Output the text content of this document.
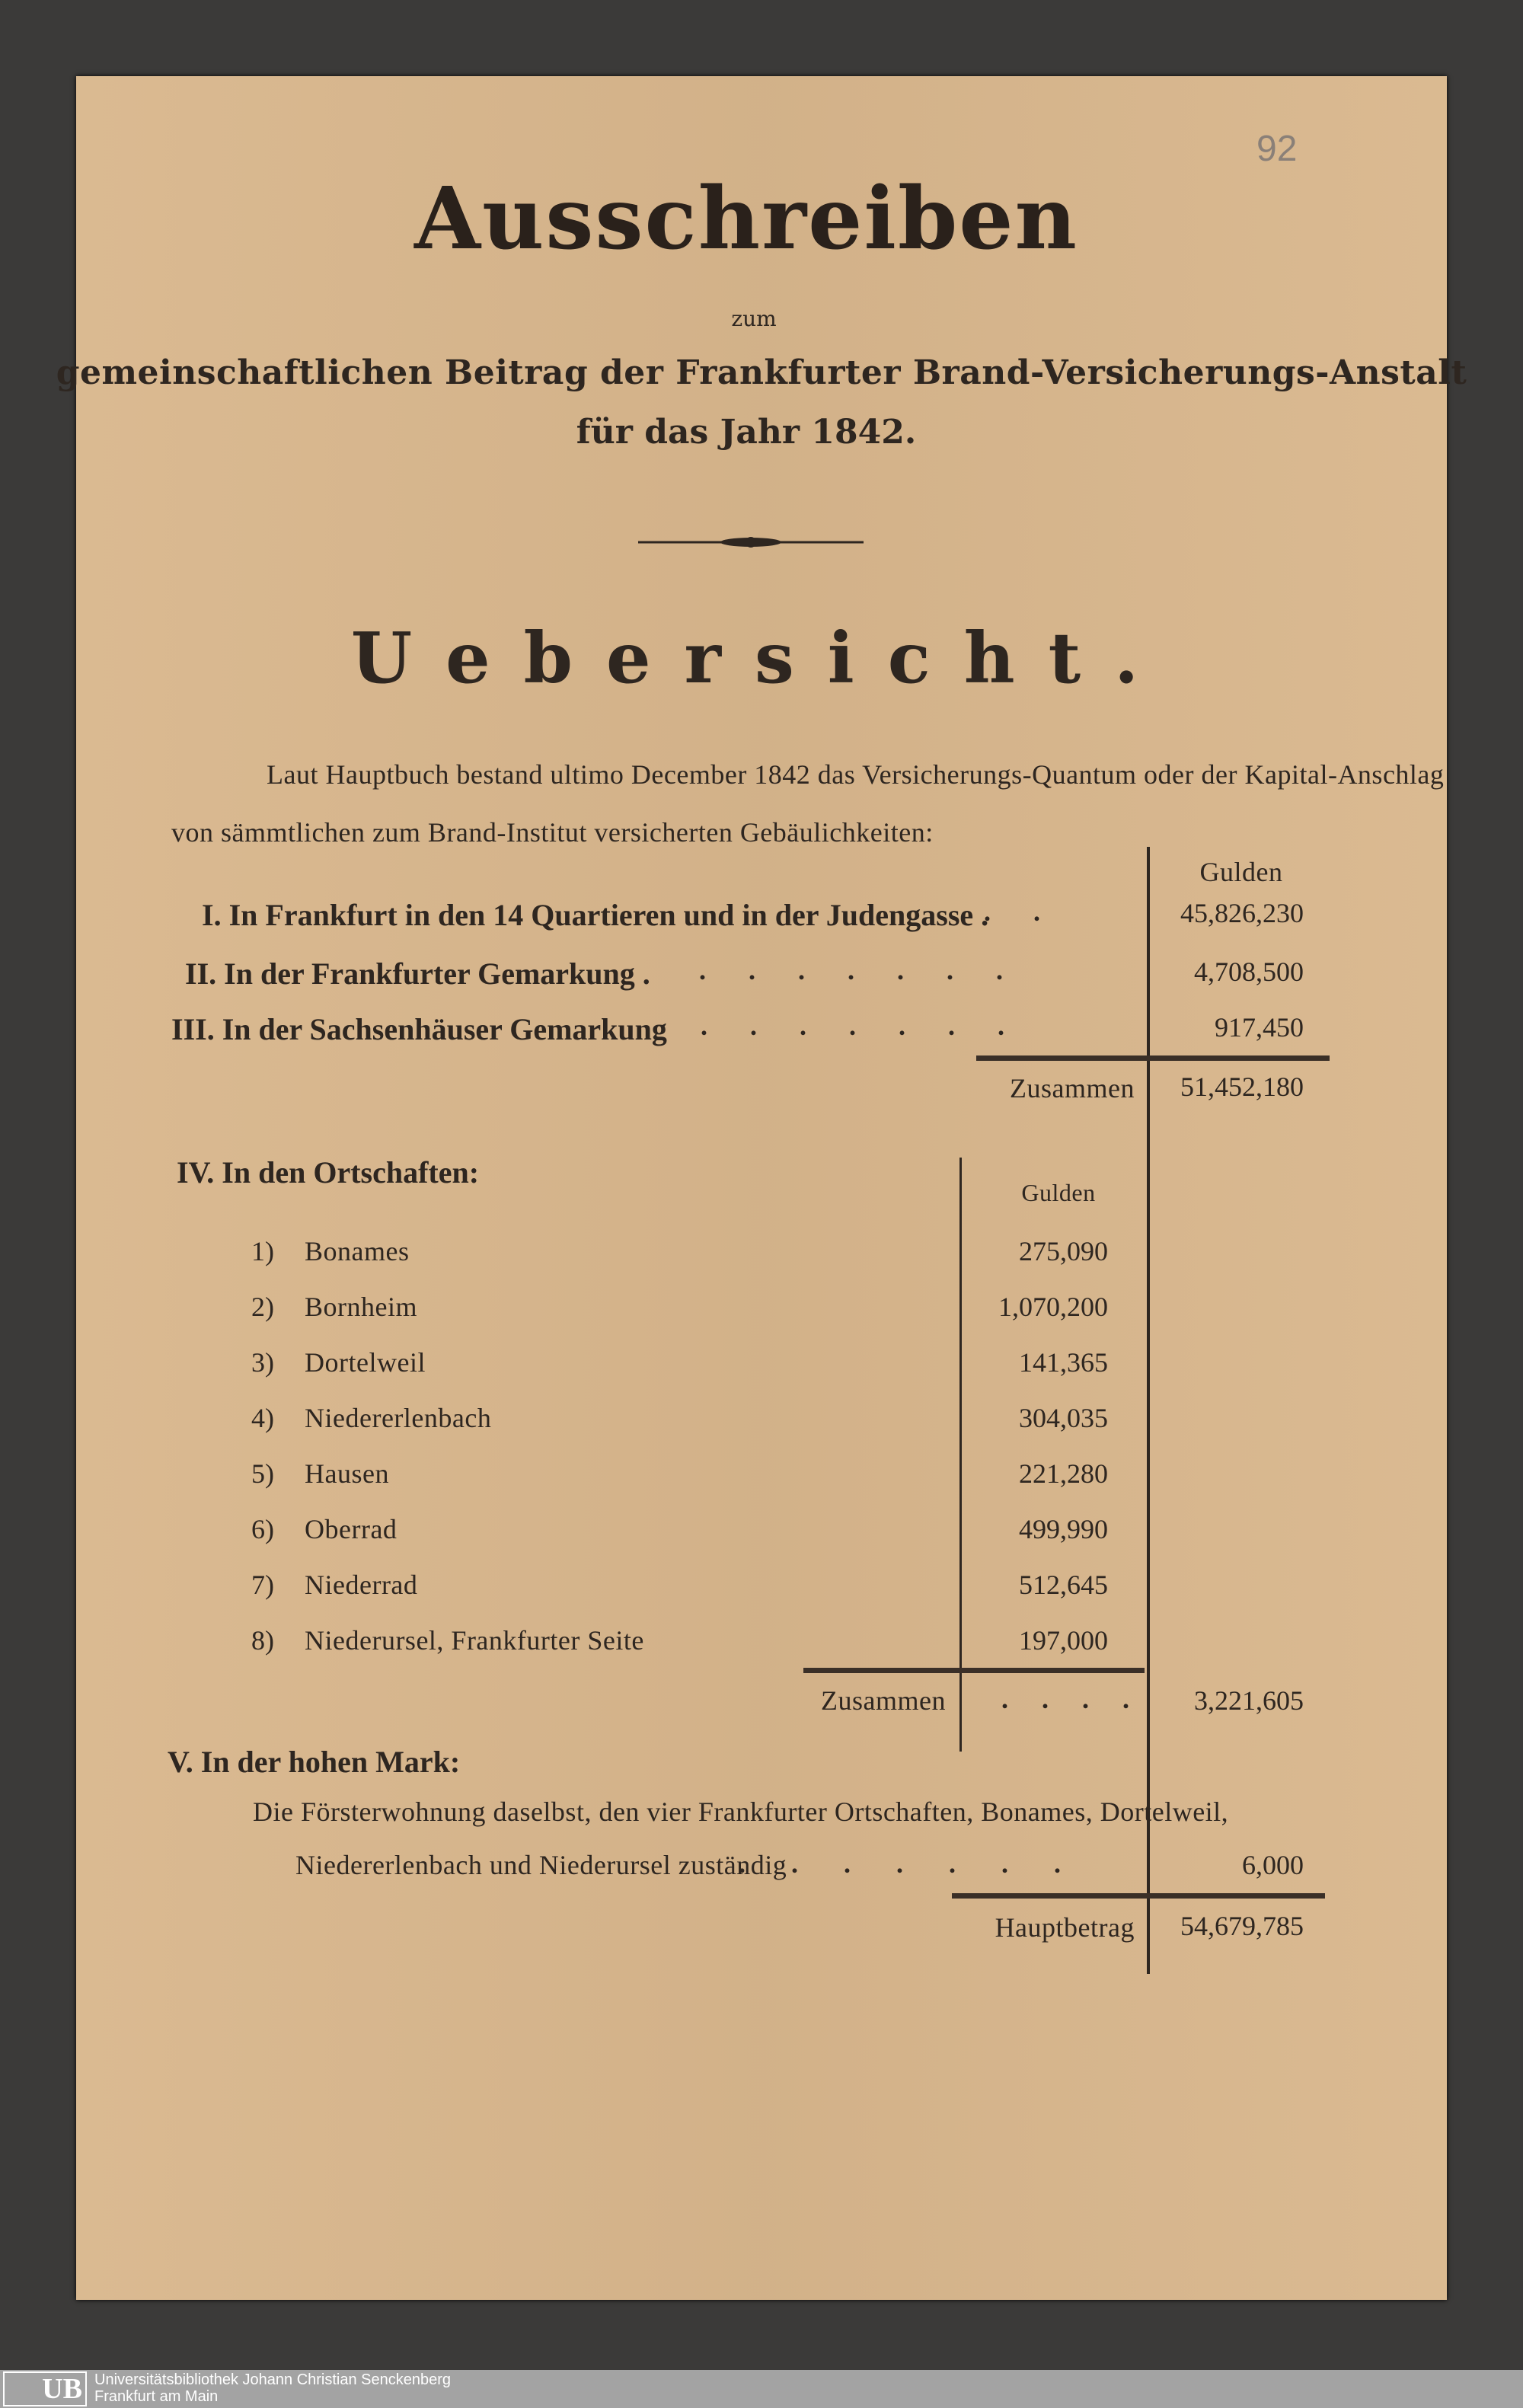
92
Ausschreiben
zum
gemeinschaftlichen Beitrag der Frankfurter Brand-Versicherungs-Anstalt
für das Jahr 1842.
Uebersicht.
Laut Hauptbuch bestand ultimo December 1842 das Versicherungs-Quantum oder der Kapital-Anschlag
von sämmtlichen zum Brand-Institut versicherten Gebäulichkeiten:
Gulden
I. In Frankfurt in den 14 Quartieren und in der Judengasse .
..	45,826,230
II. In der Frankfurter Gemarkung . .......	4,708,500
III. In der Sachsenhäuser Gemarkung .......	917,450
Zusammen 51,452,180
IV. In den Ortschaften:
Gulden
1) Bonames	275,090
2) Bornheim	1,070,200
3) Dortelweil	141,365
4) Niedererlenbach	304,035
5) Hausen	221,280
6) Oberrad	499,990
7) Niederrad	512,645
8) Niederursel, Frankfurter Seite	197,000
Zusammen .... 3,221,605
V. In der hohen Mark:
Die Försterwohnung daselbst, den vier Frankfurter Ortschaften, Bonames, Dortelweil,
Niedererlenbach und Niederursel zuständig
.......	6,000
Hauptbetrag 54,679,785
UB Universitätsbibliothek Johann Christian Senckenberg
Frankfurt am Main
